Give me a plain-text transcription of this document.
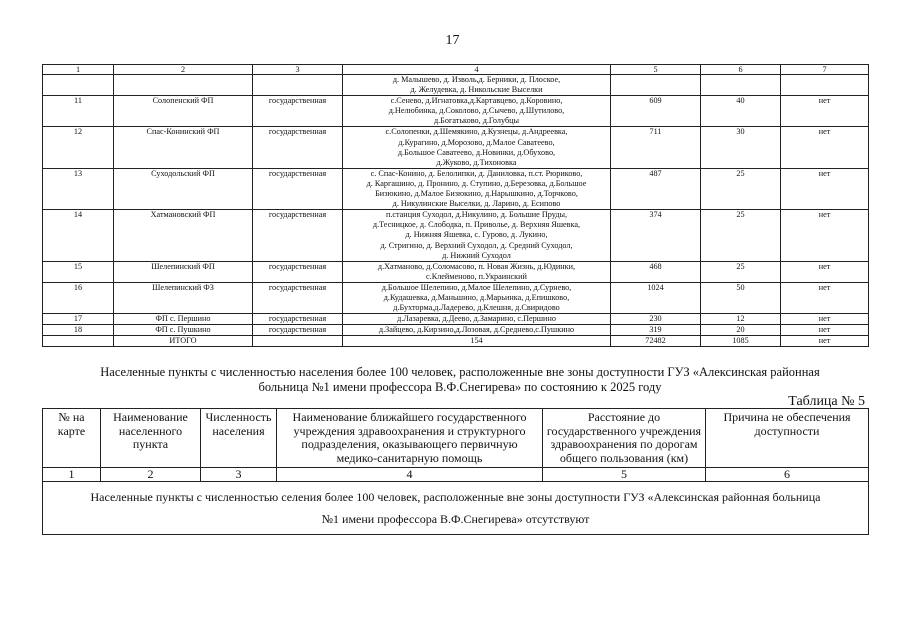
17
1	2	3	4	5	6	7

			д. Малышево, д. Изволь,д. Берники, д. Плоское,
д. Желудевка, д. Никольские Выселки			

11	Солопенский ФП	государственная	с.Сенево, д.Игнатовка,д.Картавцево, д.Коровино,
д.Нелюбинка, д.Соколово, д.Сычево, д.Шутилово,
д.Богатьково, д.Голубцы	609	40	нет
12	Спас-Конинский ФП	государственная	с.Солопенки, д.Шемякино, д.Кузнецы, д.Андреевка,
д.Курагино, д.Морозово, д.Малое Саватеево,
д.Большое Саватеево, д.Новинки, д.Обухово,
д.Жуково, д.Тихоновка	711	30	нет
13	Суходольский ФП	государственная	с. Спас-Конино, д. Белолипки, д. Даниловка, п.ст. Рюриково,
д. Каргашино, д. Пронино, д. Ступино, д.Березовка, д.Большое
Бизюкино, д.Малое Бизюкино, д.Нарышкино, д.Торчково,
д. Никулинские Выселки, д. Ларино, д. Есипово	487	25	нет
14	Хатмановский ФП	государственная	п.станция Суходол, д.Никулино, д. Большие Пруды,
д.Тесницкое, д. Слободка, п. Приволье, д. Верхняя Яшевка,
д. Нижняя Яшевка, с. Гурово, д. Лукино,
д. Стригино, д. Верхний Суходол, д. Средний Суходол,
д. Нижний Суходол	374	25	нет
15	Шелепинский ФП	государственная	д.Хатманово, д.Соломасово, п. Новая Жизнь, д.Юдинки,
с.Клейменово, п.Украинский	468	25	нет
16	Шелепинский ФЗ	государственная	д.Большое Шелепино, д.Малое Шелепино, д.Сурнево,
д.Кудашевка, д.Маньшино, д.Марьинка, д.Епишково,
д.Бухторма,д.Ладерево, д.Клешня, д.Свиридово	1024	50	нет
17	ФП с. Першино	государственная	д.Лазаревка, д.Деево, д.Замарино, с.Першино	230	12	нет
18	ФП с. Пушкино	государственная	д.Зайцево, д.Кирзино,д.Лозовая, д.Среднево,с.Пушкино	319	20	нет
	ИТОГО		154	72482	1085	нет
Населенные пункты с численностью населения более 100 человек, расположенные вне зоны доступности ГУЗ «Алексинская районная
больница №1 имени профессора В.Ф.Снегирева» по состоянию к 2025 году
Таблица № 5
№ на карте	Наименование населенного пункта	Численность населения	Наименование ближайшего государственного учреждения здравоохранения и структурного подразделения, оказывающего первичную медико-санитарную помощь	Расстояние до государственного учреждения здравоохранения по дорогам общего пользования (км)	Причина не обеспечения доступности
1	2	3	4	5	6

Населенные пункты с численностью селения более 100 человек, расположенные вне зоны доступности ГУЗ «Алексинская районная больница
№1 имени профессора В.Ф.Снегирева» отсутствуют					
